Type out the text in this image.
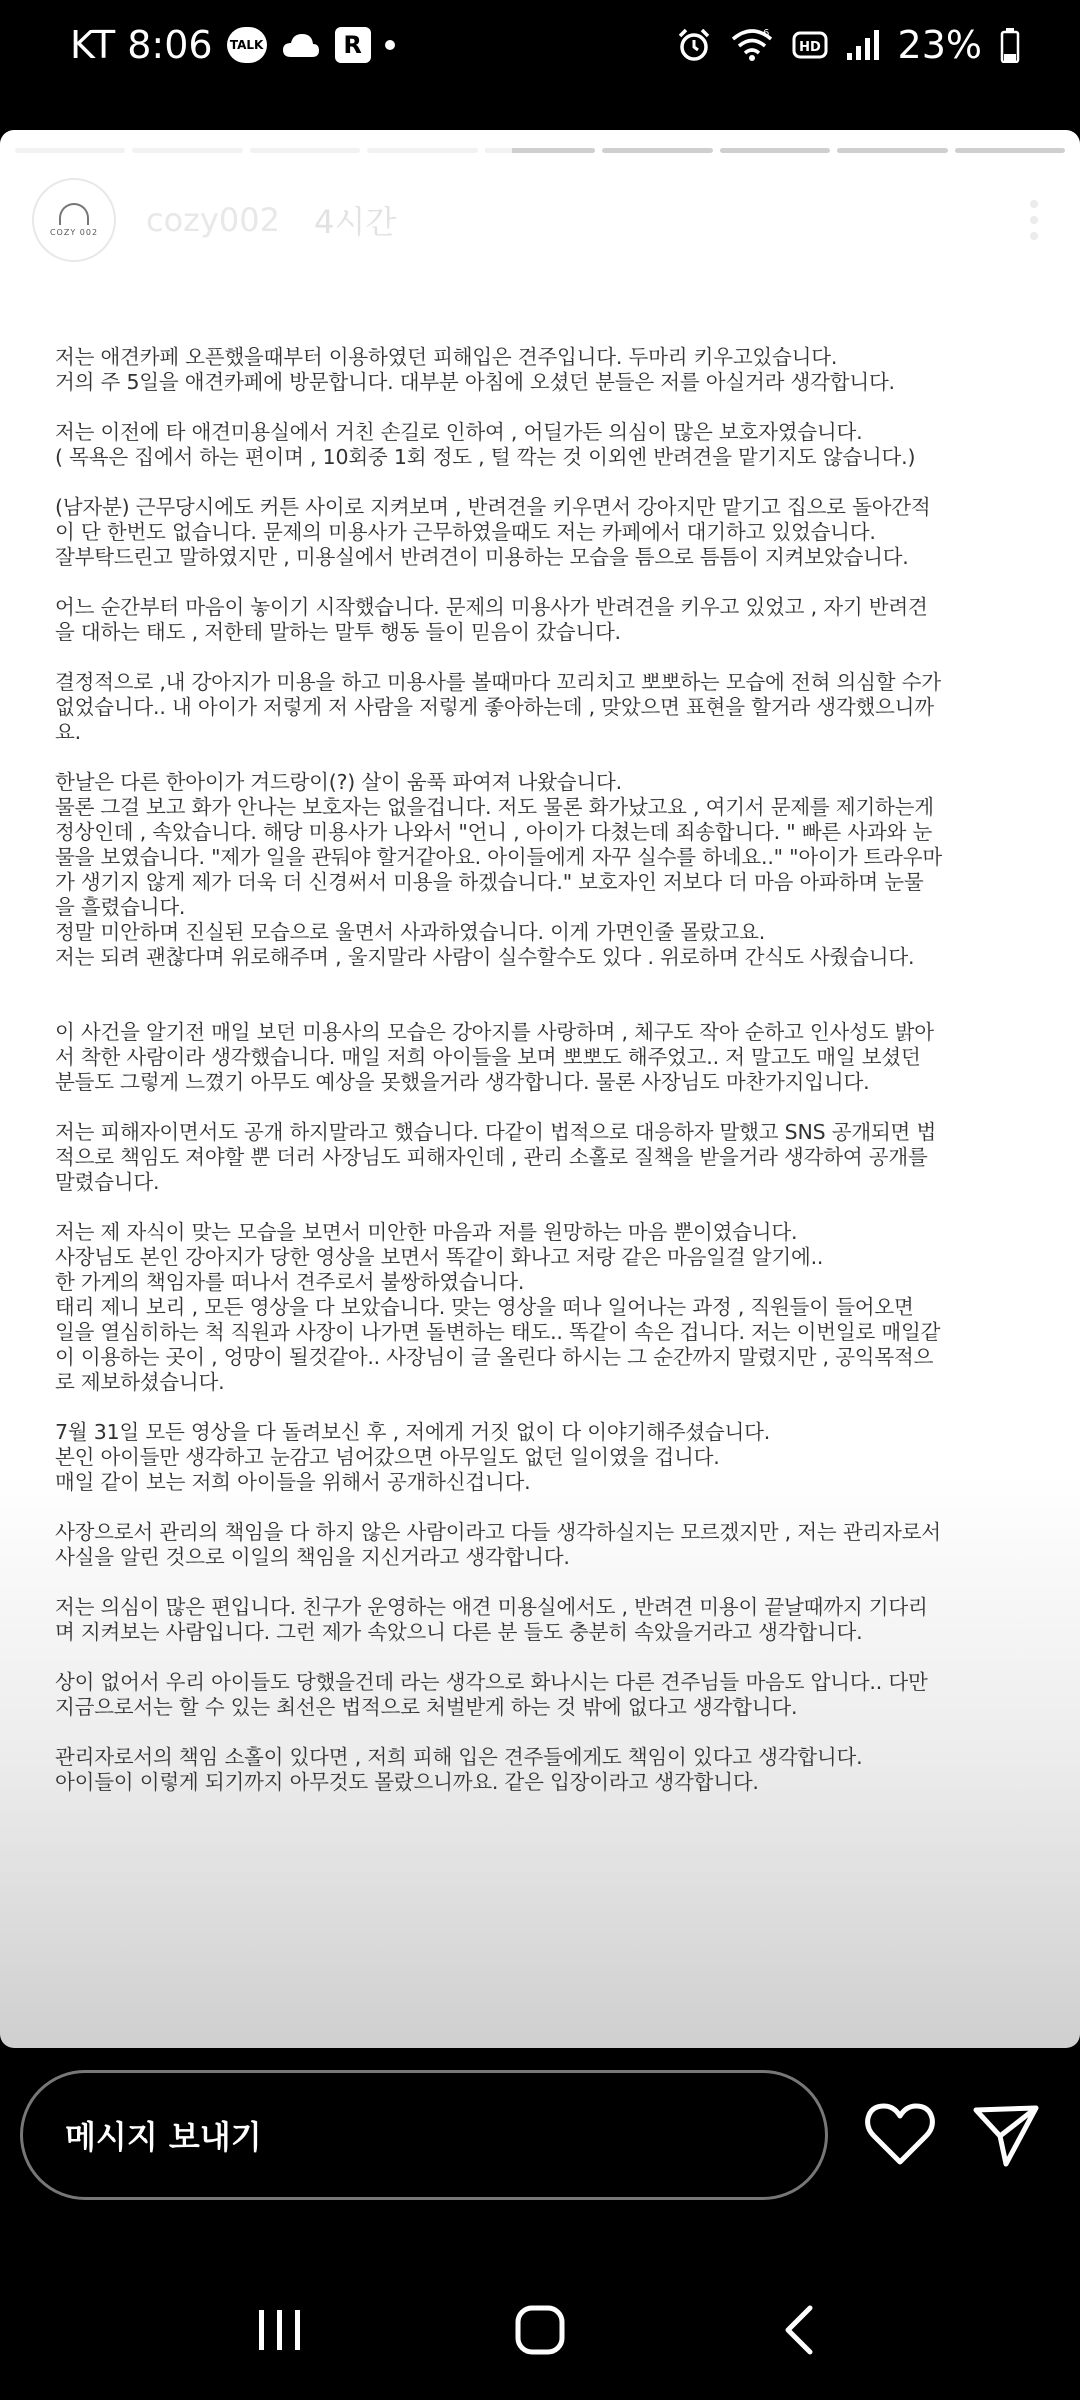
KT 8:06 TALK	R	6
HD 23%
COZY 002 cozy002 4시간
저는 애견카페 오픈했을때부터 이용하였던 피해입은 견주입니다. 두마리 키우고있습니다.
거의 주 5일을 애견카페에 방문합니다. 대부분 아침에 오셨던 분들은 저를 아실거라 생각합니다.
저는 이전에 타 애견미용실에서 거친 손길로 인하여 , 어딜가든 의심이 많은 보호자였습니다.
( 목욕은 집에서 하는 편이며 , 10회중 1회 정도 , 털 깍는 것 이외엔 반려견을 맡기지도 않습니다.)
(남자분) 근무당시에도 커튼 사이로 지켜보며 , 반려견을 키우면서 강아지만 맡기고 집으로 돌아간적
이 단 한번도 없습니다. 문제의 미용사가 근무하였을때도 저는 카페에서 대기하고 있었습니다.
잘부탁드린고 말하였지만 , 미용실에서 반려견이 미용하는 모습을 틈으로 틈틈이 지켜보았습니다.
어느 순간부터 마음이 놓이기 시작했습니다. 문제의 미용사가 반려견을 키우고 있었고 , 자기 반려견
을 대하는 태도 , 저한테 말하는 말투 행동 들이 믿음이 갔습니다.
결정적으로 ,내 강아지가 미용을 하고 미용사를 볼때마다 꼬리치고 뽀뽀하는 모습에 전혀 의심할 수가
없었습니다.. 내 아이가 저렇게 저 사람을 저렇게 좋아하는데 , 맞았으면 표현을 할거라 생각했으니까
요.
한날은 다른 한아이가 겨드랑이(?) 살이 움푹 파여져 나왔습니다.
물론 그걸 보고 화가 안나는 보호자는 없을겁니다. 저도 물론 화가났고요 , 여기서 문제를 제기하는게
정상인데 , 속았습니다. 해당 미용사가 나와서 "언니 , 아이가 다쳤는데 죄송합니다. " 빠른 사과와 눈
물을 보였습니다. "제가 일을 관둬야 할거같아요. 아이들에게 자꾸 실수를 하네요.." "아이가 트라우마
가 생기지 않게 제가 더욱 더 신경써서 미용을 하겠습니다." 보호자인 저보다 더 마음 아파하며 눈물
을 흘렸습니다.
정말 미안하며 진실된 모습으로 울면서 사과하였습니다. 이게 가면인줄 몰랐고요.
저는 되려 괜찮다며 위로해주며 , 울지말라 사람이 실수할수도 있다 . 위로하며 간식도 사줬습니다.
이 사건을 알기전 매일 보던 미용사의 모습은 강아지를 사랑하며 , 체구도 작아 순하고 인사성도 밝아
서 착한 사람이라 생각했습니다. 매일 저희 아이들을 보며 뽀뽀도 해주었고.. 저 말고도 매일 보셨던
분들도 그렇게 느꼈기 아무도 예상을 못했을거라 생각합니다. 물론 사장님도 마찬가지입니다.
저는 피해자이면서도 공개 하지말라고 했습니다. 다같이 법적으로 대응하자 말했고 SNS 공개되면 법
적으로 책임도 져야할 뿐 더러 사장님도 피해자인데 , 관리 소홀로 질책을 받을거라 생각하여 공개를
말렸습니다.
저는 제 자식이 맞는 모습을 보면서 미안한 마음과 저를 원망하는 마음 뿐이였습니다.
사장님도 본인 강아지가 당한 영상을 보면서 똑같이 화나고 저랑 같은 마음일걸 알기에..
한 가게의 책임자를 떠나서 견주로서 불쌍하였습니다.
태리 제니 보리 , 모든 영상을 다 보았습니다. 맞는 영상을 떠나 일어나는 과정 , 직원들이 들어오면
일을 열심히하는 척 직원과 사장이 나가면 돌변하는 태도.. 똑같이 속은 겁니다. 저는 이번일로 매일같
이 이용하는 곳이 , 엉망이 될것같아.. 사장님이 글 올린다 하시는 그 순간까지 말렸지만 , 공익목적으
로 제보하셨습니다.
7월 31일 모든 영상을 다 돌려보신 후 , 저에게 거짓 없이 다 이야기해주셨습니다.
본인 아이들만 생각하고 눈감고 넘어갔으면 아무일도 없던 일이였을 겁니다.
매일 같이 보는 저희 아이들을 위해서 공개하신겁니다.
사장으로서 관리의 책임을 다 하지 않은 사람이라고 다들 생각하실지는 모르겠지만 , 저는 관리자로서
사실을 알린 것으로 이일의 책임을 지신거라고 생각합니다.
저는 의심이 많은 편입니다. 친구가 운영하는 애견 미용실에서도 , 반려견 미용이 끝날때까지 기다리
며 지켜보는 사람입니다. 그런 제가 속았으니 다른 분 들도 충분히 속았을거라고 생각합니다.
상이 없어서 우리 아이들도 당했을건데 라는 생각으로 화나시는 다른 견주님들 마음도 압니다.. 다만
지금으로서는 할 수 있는 최선은 법적으로 처벌받게 하는 것 밖에 없다고 생각합니다.
관리자로서의 책임 소홀이 있다면 , 저희 피해 입은 견주들에게도 책임이 있다고 생각합니다.
아이들이 이렇게 되기까지 아무것도 몰랐으니까요. 같은 입장이라고 생각합니다.
메시지 보내기
